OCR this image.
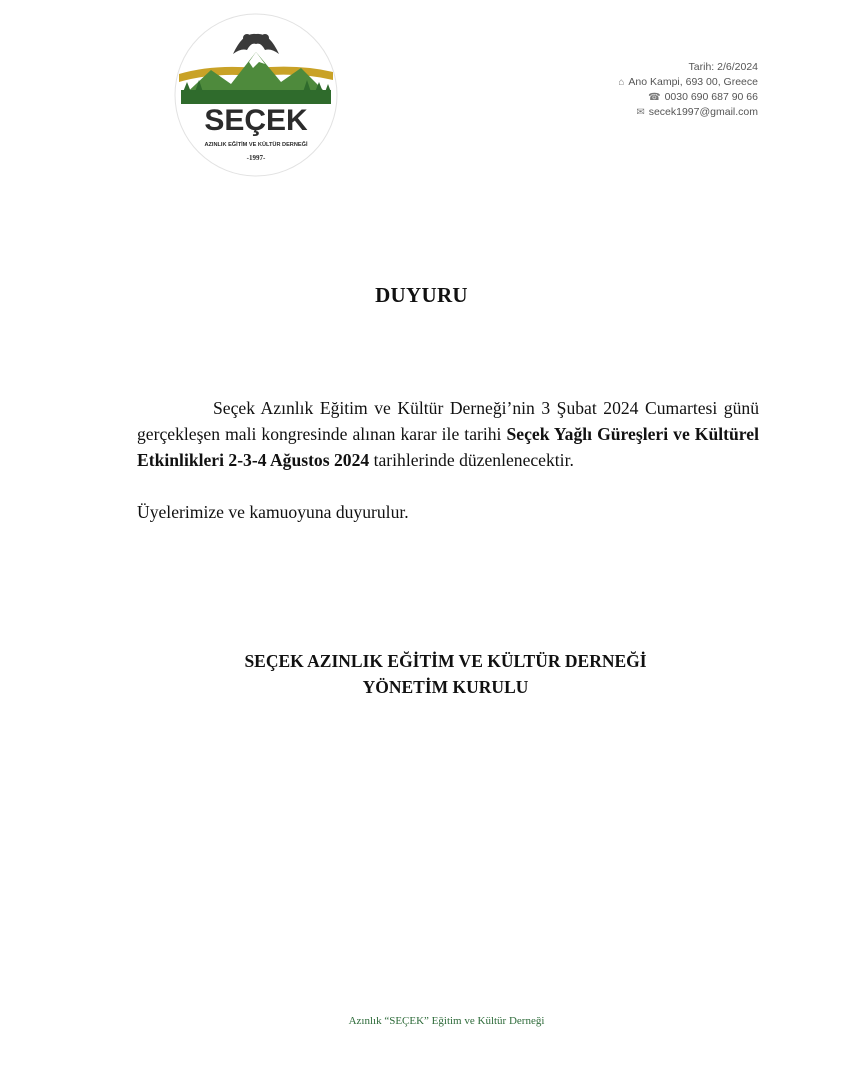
SEÇEK
AZINLIK EĞİTİM VE KÜLTÜR DERNEĞİ
-1997-
Tarih: 2/6/2024
⌂ Ano Kampi, 693 00, Greece
☎ 0030 690 687 90 66
✉ secek1997@gmail.com
DUYURU

Seçek Azınlık Eğitim ve Kültür Derneği’nin 3 Şubat 2024 Cumartesi günü gerçekleşen mali kongresinde alınan karar ile tarihi Seçek Yağlı Güreşleri ve Kültürel Etkinlikleri 2-3-4 Ağustos 2024 tarihlerinde düzenlenecektir.

Üyelerimize ve kamuoyuna duyurulur.

SEÇEK AZINLIK EĞİTİM VE KÜLTÜR DERNEĞİ
YÖNETİM KURULU
Azınlık “SEÇEK” Eğitim ve Kültür Derneği
